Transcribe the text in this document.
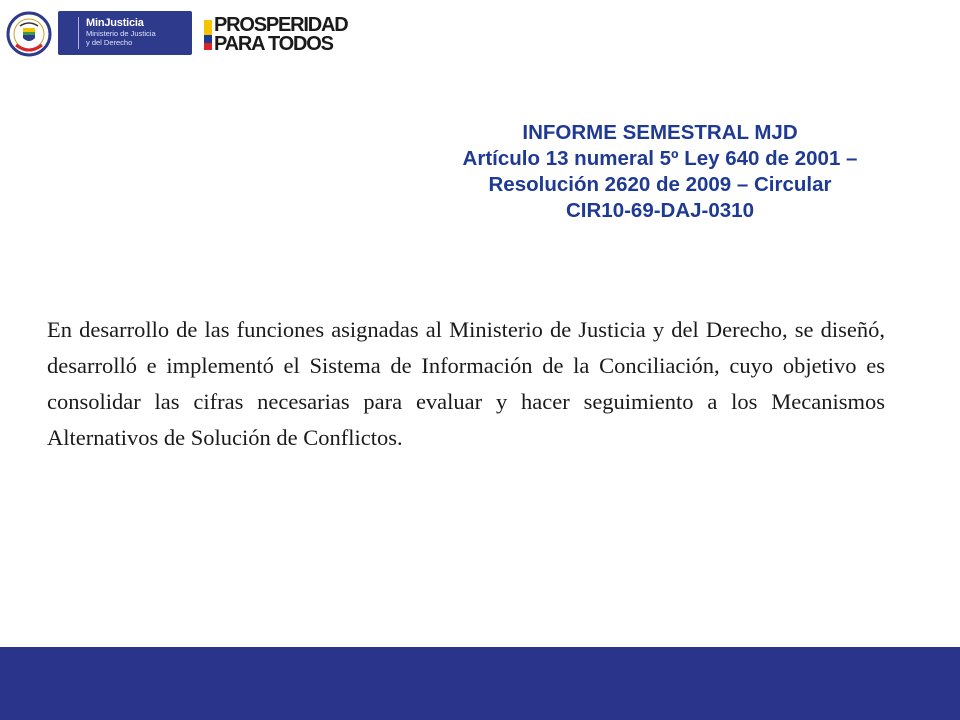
MinJusticia
Ministerio de Justicia
y del Derecho
PROSPERIDAD
PARA TODOS
INFORME SEMESTRAL MJD
Artículo 13 numeral 5º Ley 640 de 2001 –
Resolución 2620 de 2009 – Circular
CIR10-69-DAJ-0310
En desarrollo de las funciones asignadas al Ministerio de Justicia y del Derecho, se diseñó, desarrolló e implementó el Sistema de Información de la Conciliación, cuyo objetivo es consolidar las cifras necesarias para evaluar y hacer seguimiento a los Mecanismos Alternativos de Solución de Conflictos.
